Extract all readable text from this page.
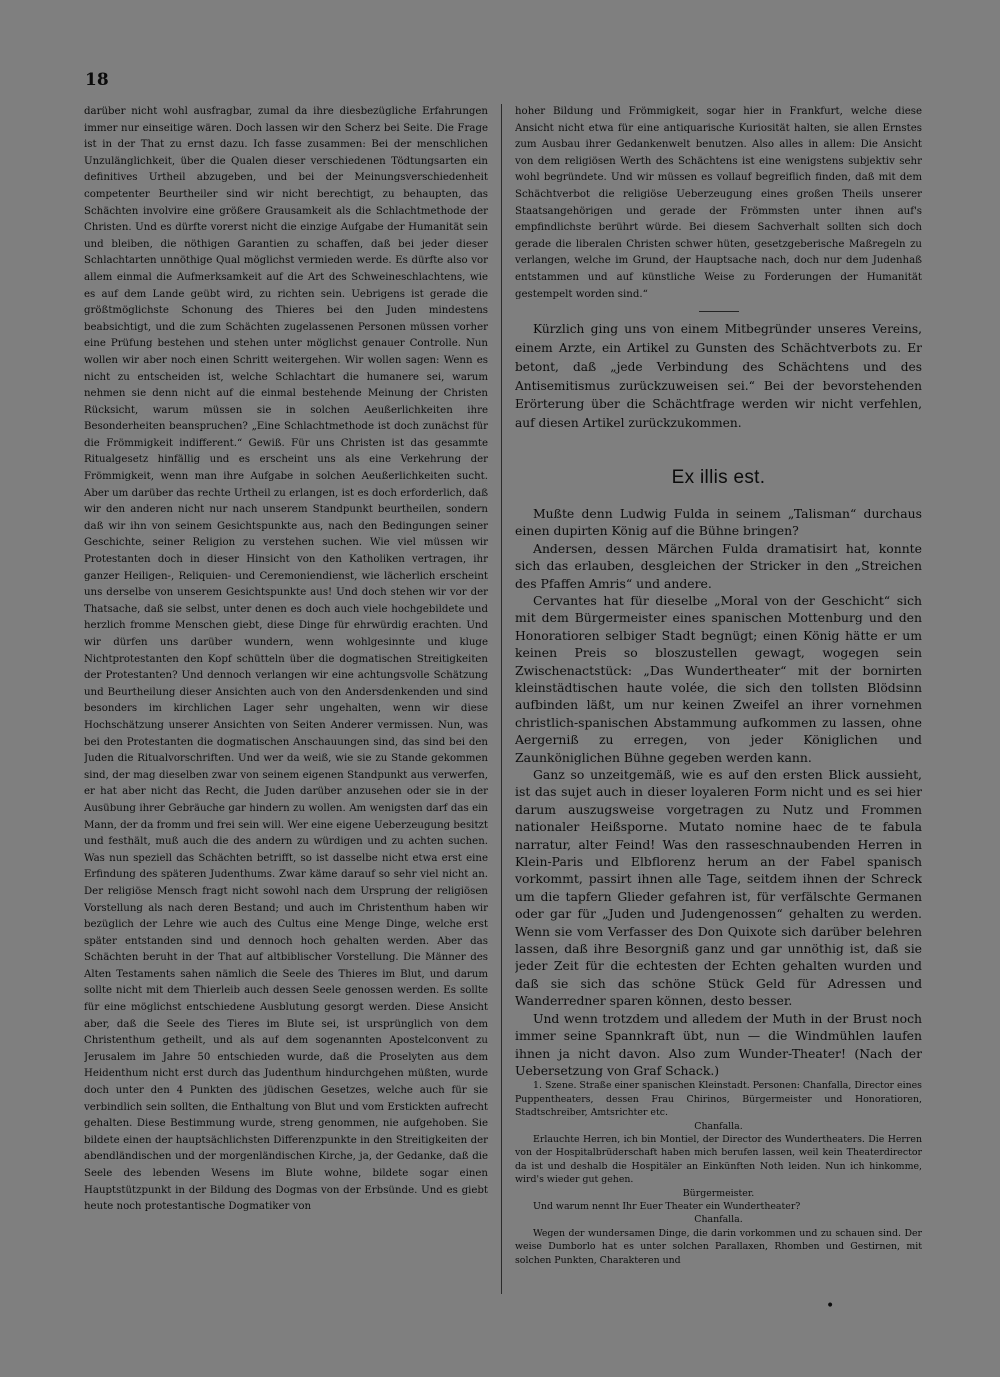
18

darüber nicht wohl ausfragbar, zumal da ihre diesbezügliche Erfahrungen immer nur einseitige wären. Doch lassen wir den Scherz bei Seite. Die Frage ist in der That zu ernst dazu. Ich fasse zusammen: Bei der menschlichen Unzulänglichkeit, über die Qualen dieser verschiedenen Tödtungsarten ein definitives Urtheil abzugeben, und bei der Meinungsverschiedenheit competenter Beurtheiler sind wir nicht berechtigt, zu behaupten, das Schächten involvire eine größere Grausamkeit als die Schlachtmethode der Christen. Und es dürfte vorerst nicht die einzige Aufgabe der Humanität sein und bleiben, die nöthigen Garantien zu schaffen, daß bei jeder dieser Schlachtarten unnöthige Qual möglichst vermieden werde. Es dürfte also vor allem einmal die Aufmerksamkeit auf die Art des Schweineschlachtens, wie es auf dem Lande geübt wird, zu richten sein. Uebrigens ist gerade die größtmöglichste Schonung des Thieres bei den Juden mindestens beabsichtigt, und die zum Schächten zugelassenen Personen müssen vorher eine Prüfung bestehen und stehen unter möglichst genauer Controlle. Nun wollen wir aber noch einen Schritt weitergehen. Wir wollen sagen: Wenn es nicht zu entscheiden ist, welche Schlachtart die humanere sei, warum nehmen sie denn nicht auf die einmal bestehende Meinung der Christen Rücksicht, warum müssen sie in solchen Aeußerlichkeiten ihre Besonderheiten beanspruchen? „Eine Schlachtmethode ist doch zunächst für die Frömmigkeit indifferent.“ Gewiß. Für uns Christen ist das gesammte Ritualgesetz hinfällig und es erscheint uns als eine Verkehrung der Frömmigkeit, wenn man ihre Aufgabe in solchen Aeußerlichkeiten sucht. Aber um darüber das rechte Urtheil zu erlangen, ist es doch erforderlich, daß wir den anderen nicht nur nach unserem Standpunkt beurtheilen, sondern daß wir ihn von seinem Gesichtspunkte aus, nach den Bedingungen seiner Geschichte, seiner Religion zu verstehen suchen. Wie viel müssen wir Protestanten doch in dieser Hinsicht von den Katholiken vertragen, ihr ganzer Heiligen-, Reliquien- und Ceremoniendienst, wie lächerlich erscheint uns derselbe von unserem Gesichtspunkte aus! Und doch stehen wir vor der Thatsache, daß sie selbst, unter denen es doch auch viele hochgebildete und herzlich fromme Menschen giebt, diese Dinge für ehrwürdig erachten. Und wir dürfen uns darüber wundern, wenn wohlgesinnte und kluge Nichtprotestanten den Kopf schütteln über die dogmatischen Streitigkeiten der Protestanten? Und dennoch verlangen wir eine achtungsvolle Schätzung und Beurtheilung dieser Ansichten auch von den Andersdenkenden und sind besonders im kirchlichen Lager sehr ungehalten, wenn wir diese Hochschätzung unserer Ansichten von Seiten Anderer vermissen. Nun, was bei den Protestanten die dogmatischen Anschauungen sind, das sind bei den Juden die Ritualvorschriften. Und wer da weiß, wie sie zu Stande gekommen sind, der mag dieselben zwar von seinem eigenen Standpunkt aus verwerfen, er hat aber nicht das Recht, die Juden darüber anzusehen oder sie in der Ausübung ihrer Gebräuche gar hindern zu wollen. Am wenigsten darf das ein Mann, der da fromm und frei sein will. Wer eine eigene Ueberzeugung besitzt und festhält, muß auch die des andern zu würdigen und zu achten suchen. Was nun speziell das Schächten betrifft, so ist dasselbe nicht etwa erst eine Erfindung des späteren Judenthums. Zwar käme darauf so sehr viel nicht an. Der religiöse Mensch fragt nicht sowohl nach dem Ursprung der religiösen Vorstellung als nach deren Bestand; und auch im Christenthum haben wir bezüglich der Lehre wie auch des Cultus eine Menge Dinge, welche erst später entstanden sind und dennoch hoch gehalten werden. Aber das Schächten beruht in der That auf altbiblischer Vorstellung. Die Männer des Alten Testaments sahen nämlich die Seele des Thieres im Blut, und darum sollte nicht mit dem Thierleib auch dessen Seele genossen werden. Es sollte für eine möglichst entschiedene Ausblutung gesorgt werden. Diese Ansicht aber, daß die Seele des Tieres im Blute sei, ist ursprünglich von dem Christenthum getheilt, und als auf dem sogenannten Apostelconvent zu Jerusalem im Jahre 50 entschieden wurde, daß die Proselyten aus dem Heidenthum nicht erst durch das Judenthum hindurchgehen müßten, wurde doch unter den 4 Punkten des jüdischen Gesetzes, welche auch für sie verbindlich sein sollten, die Enthaltung von Blut und vom Erstickten aufrecht gehalten. Diese Bestimmung wurde, streng genommen, nie aufgehoben. Sie bildete einen der hauptsächlichsten Differenzpunkte in den Streitigkeiten der abendländischen und der morgenländischen Kirche, ja, der Gedanke, daß die Seele des lebenden Wesens im Blute wohne, bildete sogar einen Hauptstützpunkt in der Bildung des Dogmas von der Erbsünde. Und es giebt heute noch protestantische Dogmatiker von

hoher Bildung und Frömmigkeit, sogar hier in Frankfurt, welche diese Ansicht nicht etwa für eine antiquarische Kuriosität halten, sie allen Ernstes zum Ausbau ihrer Gedankenwelt benutzen. Also alles in allem: Die Ansicht von dem religiösen Werth des Schächtens ist eine wenigstens subjektiv sehr wohl begründete. Und wir müssen es vollauf begreiflich finden, daß mit dem Schächtverbot die religiöse Ueberzeugung eines großen Theils unserer Staatsangehörigen und gerade der Frömmsten unter ihnen auf's empfindlichste berührt würde. Bei diesem Sachverhalt sollten sich doch gerade die liberalen Christen schwer hüten, gesetzgeberische Maßregeln zu verlangen, welche im Grund, der Hauptsache nach, doch nur dem Judenhaß entstammen und auf künstliche Weise zu Forderungen der Humanität gestempelt worden sind.“

Kürzlich ging uns von einem Mitbegründer unseres Vereins, einem Arzte, ein Artikel zu Gunsten des Schächtverbots zu. Er betont, daß „jede Verbindung des Schächtens und des Antisemitismus zurückzuweisen sei.“ Bei der bevorstehenden Erörterung über die Schächtfrage werden wir nicht verfehlen, auf diesen Artikel zurückzukommen.

Ex illis est.

Mußte denn Ludwig Fulda in seinem „Talisman“ durchaus einen dupirten König auf die Bühne bringen?

Andersen, dessen Märchen Fulda dramatisirt hat, konnte sich das erlauben, desgleichen der Stricker in den „Streichen des Pfaffen Amris“ und andere.

Cervantes hat für dieselbe „Moral von der Geschicht“ sich mit dem Bürgermeister eines spanischen Mottenburg und den Honoratioren selbiger Stadt begnügt; einen König hätte er um keinen Preis so bloszustellen gewagt, wogegen sein Zwischenactstück: „Das Wundertheater“ mit der bornirten kleinstädtischen haute volée, die sich den tollsten Blödsinn aufbinden läßt, um nur keinen Zweifel an ihrer vornehmen christlich-spanischen Abstammung aufkommen zu lassen, ohne Aergerniß zu erregen, von jeder Königlichen und Zaunköniglichen Bühne gegeben werden kann.

Ganz so unzeitgemäß, wie es auf den ersten Blick aussieht, ist das sujet auch in dieser loyaleren Form nicht und es sei hier darum auszugsweise vorgetragen zu Nutz und Frommen nationaler Heißsporne. Mutato nomine haec de te fabula narratur, alter Feind! Was den rasseschnaubenden Herren in Klein-Paris und Elbflorenz herum an der Fabel spanisch vorkommt, passirt ihnen alle Tage, seitdem ihnen der Schreck um die tapfern Glieder gefahren ist, für verfälschte Germanen oder gar für „Juden und Judengenossen“ gehalten zu werden. Wenn sie vom Verfasser des Don Quixote sich darüber belehren lassen, daß ihre Besorgniß ganz und gar unnöthig ist, daß sie jeder Zeit für die echtesten der Echten gehalten wurden und daß sie sich das schöne Stück Geld für Adressen und Wanderredner sparen können, desto besser.

Und wenn trotzdem und alledem der Muth in der Brust noch immer seine Spannkraft übt, nun — die Windmühlen laufen ihnen ja nicht davon. Also zum Wunder-Theater! (Nach der Uebersetzung von Graf Schack.)

1. Szene. Straße einer spanischen Kleinstadt. Personen: Chanfalla, Director eines Puppentheaters, dessen Frau Chirinos, Bürgermeister und Honoratioren, Stadtschreiber, Amtsrichter etc.

Chanfalla.

Erlauchte Herren, ich bin Montiel, der Director des Wundertheaters. Die Herren von der Hospitalbrüderschaft haben mich berufen lassen, weil kein Theaterdirector da ist und deshalb die Hospitäler an Einkünften Noth leiden. Nun ich hinkomme, wird's wieder gut gehen.

Bürgermeister.

Und warum nennt Ihr Euer Theater ein Wundertheater?

Chanfalla.

Wegen der wundersamen Dinge, die darin vorkommen und zu schauen sind. Der weise Dumborlo hat es unter solchen Parallaxen, Rhomben und Gestirnen, mit solchen Punkten, Charakteren und

•
